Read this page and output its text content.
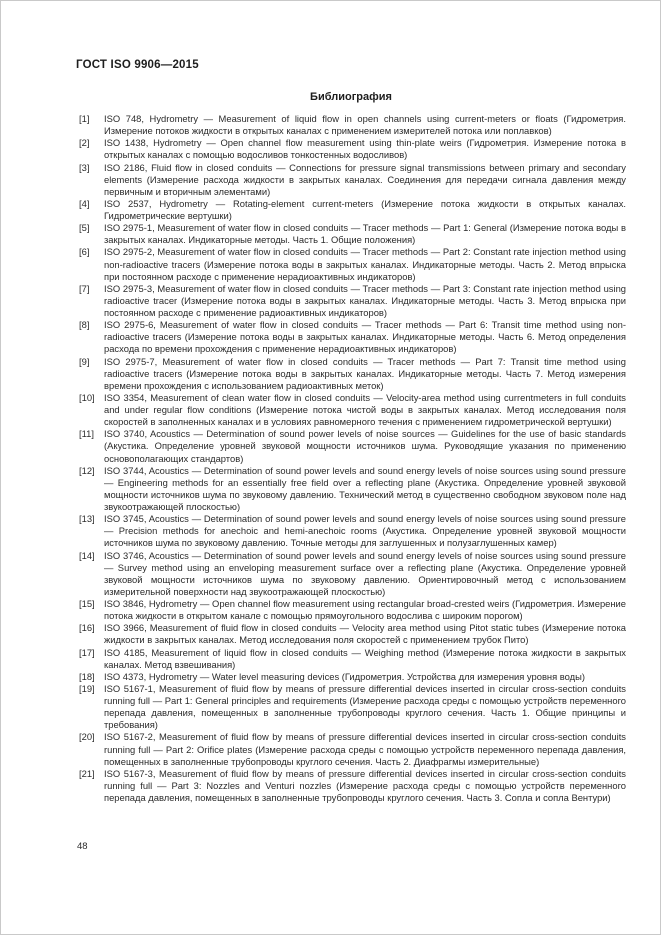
ГОСТ ISO 9906—2015
Библиография
[1]	ISO 748, Hydrometry — Measurement of liquid flow in open channels using current-meters or floats (Гидрометрия. Измерение потоков жидкости в открытых каналах с применением измерителей потока или поплавков)
[2]	ISO 1438, Hydrometry — Open channel flow measurement using thin-plate weirs (Гидрометрия. Измерение потока в открытых каналах с помощью водосливов тонкостенных водосливов)
[3]	ISO 2186, Fluid flow in closed conduits — Connections for pressure signal transmissions between primary and secondary elements (Измерение расхода жидкости в закрытых каналах. Соединения для передачи сигнала давления между первичным и вторичным элементами)
[4]	ISO 2537, Hydrometry — Rotating-element current-meters (Измерение потока жидкости в открытых каналах. Гидрометрические вертушки)
[5]	ISO 2975-1, Measurement of water flow in closed conduits — Tracer methods — Part 1: General (Измерение потока воды в закрытых каналах. Индикаторные методы. Часть 1. Общие положения)
[6]	ISO 2975-2, Measurement of water flow in closed conduits — Tracer methods — Part 2: Constant rate injection method using non-radioactive tracers (Измерение потока воды в закрытых каналах. Индикаторные методы. Часть 2. Метод впрыска при постоянном расходе с применение нерадиоактивных индикаторов)
[7]	ISO 2975-3, Measurement of water flow in closed conduits — Tracer methods — Part 3: Constant rate injection method using radioactive tracer (Измерение потока воды в закрытых каналах. Индикаторные методы. Часть 3. Метод впрыска при постоянном расходе с применение радиоактивных индикаторов)
[8]	ISO 2975-6, Measurement of water flow in closed conduits — Tracer methods — Part 6: Transit time method using non-radioactive tracers (Измерение потока воды в закрытых каналах. Индикаторные методы. Часть 6. Метод определения расхода по времени прохождения с применение нерадиоактивных индикаторов)
[9]	ISO 2975-7, Measurement of water flow in closed conduits — Tracer methods — Part 7: Transit time method using radioactive tracers (Измерение потока воды в закрытых каналах. Индикаторные методы. Часть 7. Метод измерения времени прохождения с использованием радиоактивных меток)
[10] ISO 3354, Measurement of clean water flow in closed conduits — Velocity-area method using currentmeters in full conduits and under regular flow conditions (Измерение потока чистой воды в закрытых каналах. Метод исследования поля скоростей в заполненных каналах и в условиях равномерного течения с применением гидрометрической вертушки)
[11]	ISO 3740, Acoustics — Determination of sound power levels of noise sources — Guidelines for the use of basic standards (Акустика. Определение уровней звуковой мощности источников шума. Руководящие указания по применению основополагающих стандартов)
[12] ISO 3744, Acoustics — Determination of sound power levels and sound energy levels of noise sources using sound pressure — Engineering methods for an essentially free field over a reflecting plane (Акустика. Определение уровней звуковой мощности источников шума по звуковому давлению. Технический метод в существенно свободном звуковом поле над звукоотражающей плоскостью)
[13] ISO 3745, Acoustics — Determination of sound power levels and sound energy levels of noise sources using sound pressure — Precision methods for anechoic and hemi-anechoic rooms (Акустика. Определение уровней звуковой мощности источников шума по звуковому давлению. Точные методы для заглушенных и полузаглушенных камер)
[14] ISO 3746, Acoustics — Determination of sound power levels and sound energy levels of noise sources using sound pressure — Survey method using an enveloping measurement surface over a reflecting plane (Акустика. Определение уровней звуковой мощности источников шума по звуковому давлению. Ориентировочный метод с использованием измерительной поверхности над звукоотражающей плоскостью)
[15] ISO 3846, Hydrometry — Open channel flow measurement using rectangular broad-crested weirs (Гидрометрия. Измерение потока жидкости в открытом канале с помощью прямоугольного водослива с широким порогом)
[16] ISO 3966, Measurement of fluid flow in closed conduits — Velocity area method using Pitot static tubes (Измерение потока жидкости в закрытых каналах. Метод исследования поля скоростей с применением трубок Пито)
[17] ISO 4185, Measurement of liquid flow in closed conduits — Weighing method (Измерение потока жидкости в закрытых каналах. Метод взвешивания)
[18] ISO 4373, Hydrometry — Water level measuring devices (Гидрометрия. Устройства для измерения уровня воды)
[19] ISO 5167-1, Measurement of fluid flow by means of pressure differential devices inserted in circular cross-section conduits running full — Part 1: General principles and requirements (Измерение расхода среды с помощью устройств переменного перепада давления, помещенных в заполненные трубопроводы круглого сечения. Часть 1. Общие принципы и требования)
[20] ISO 5167-2, Measurement of fluid flow by means of pressure differential devices inserted in circular cross-section conduits running full — Part 2: Orifice plates (Измерение расхода среды с помощью устройств переменного перепада давления, помещенных в заполненные трубопроводы круглого сечения. Часть 2. Диафрагмы измерительные)
[21] ISO 5167-3, Measurement of fluid flow by means of pressure differential devices inserted in circular cross-section conduits running full — Part 3: Nozzles and Venturi nozzles (Измерение расхода среды с помощью устройств переменного перепада давления, помещенных в заполненные трубопроводы круглого сечения. Часть 3. Сопла и сопла Вентури)
48
